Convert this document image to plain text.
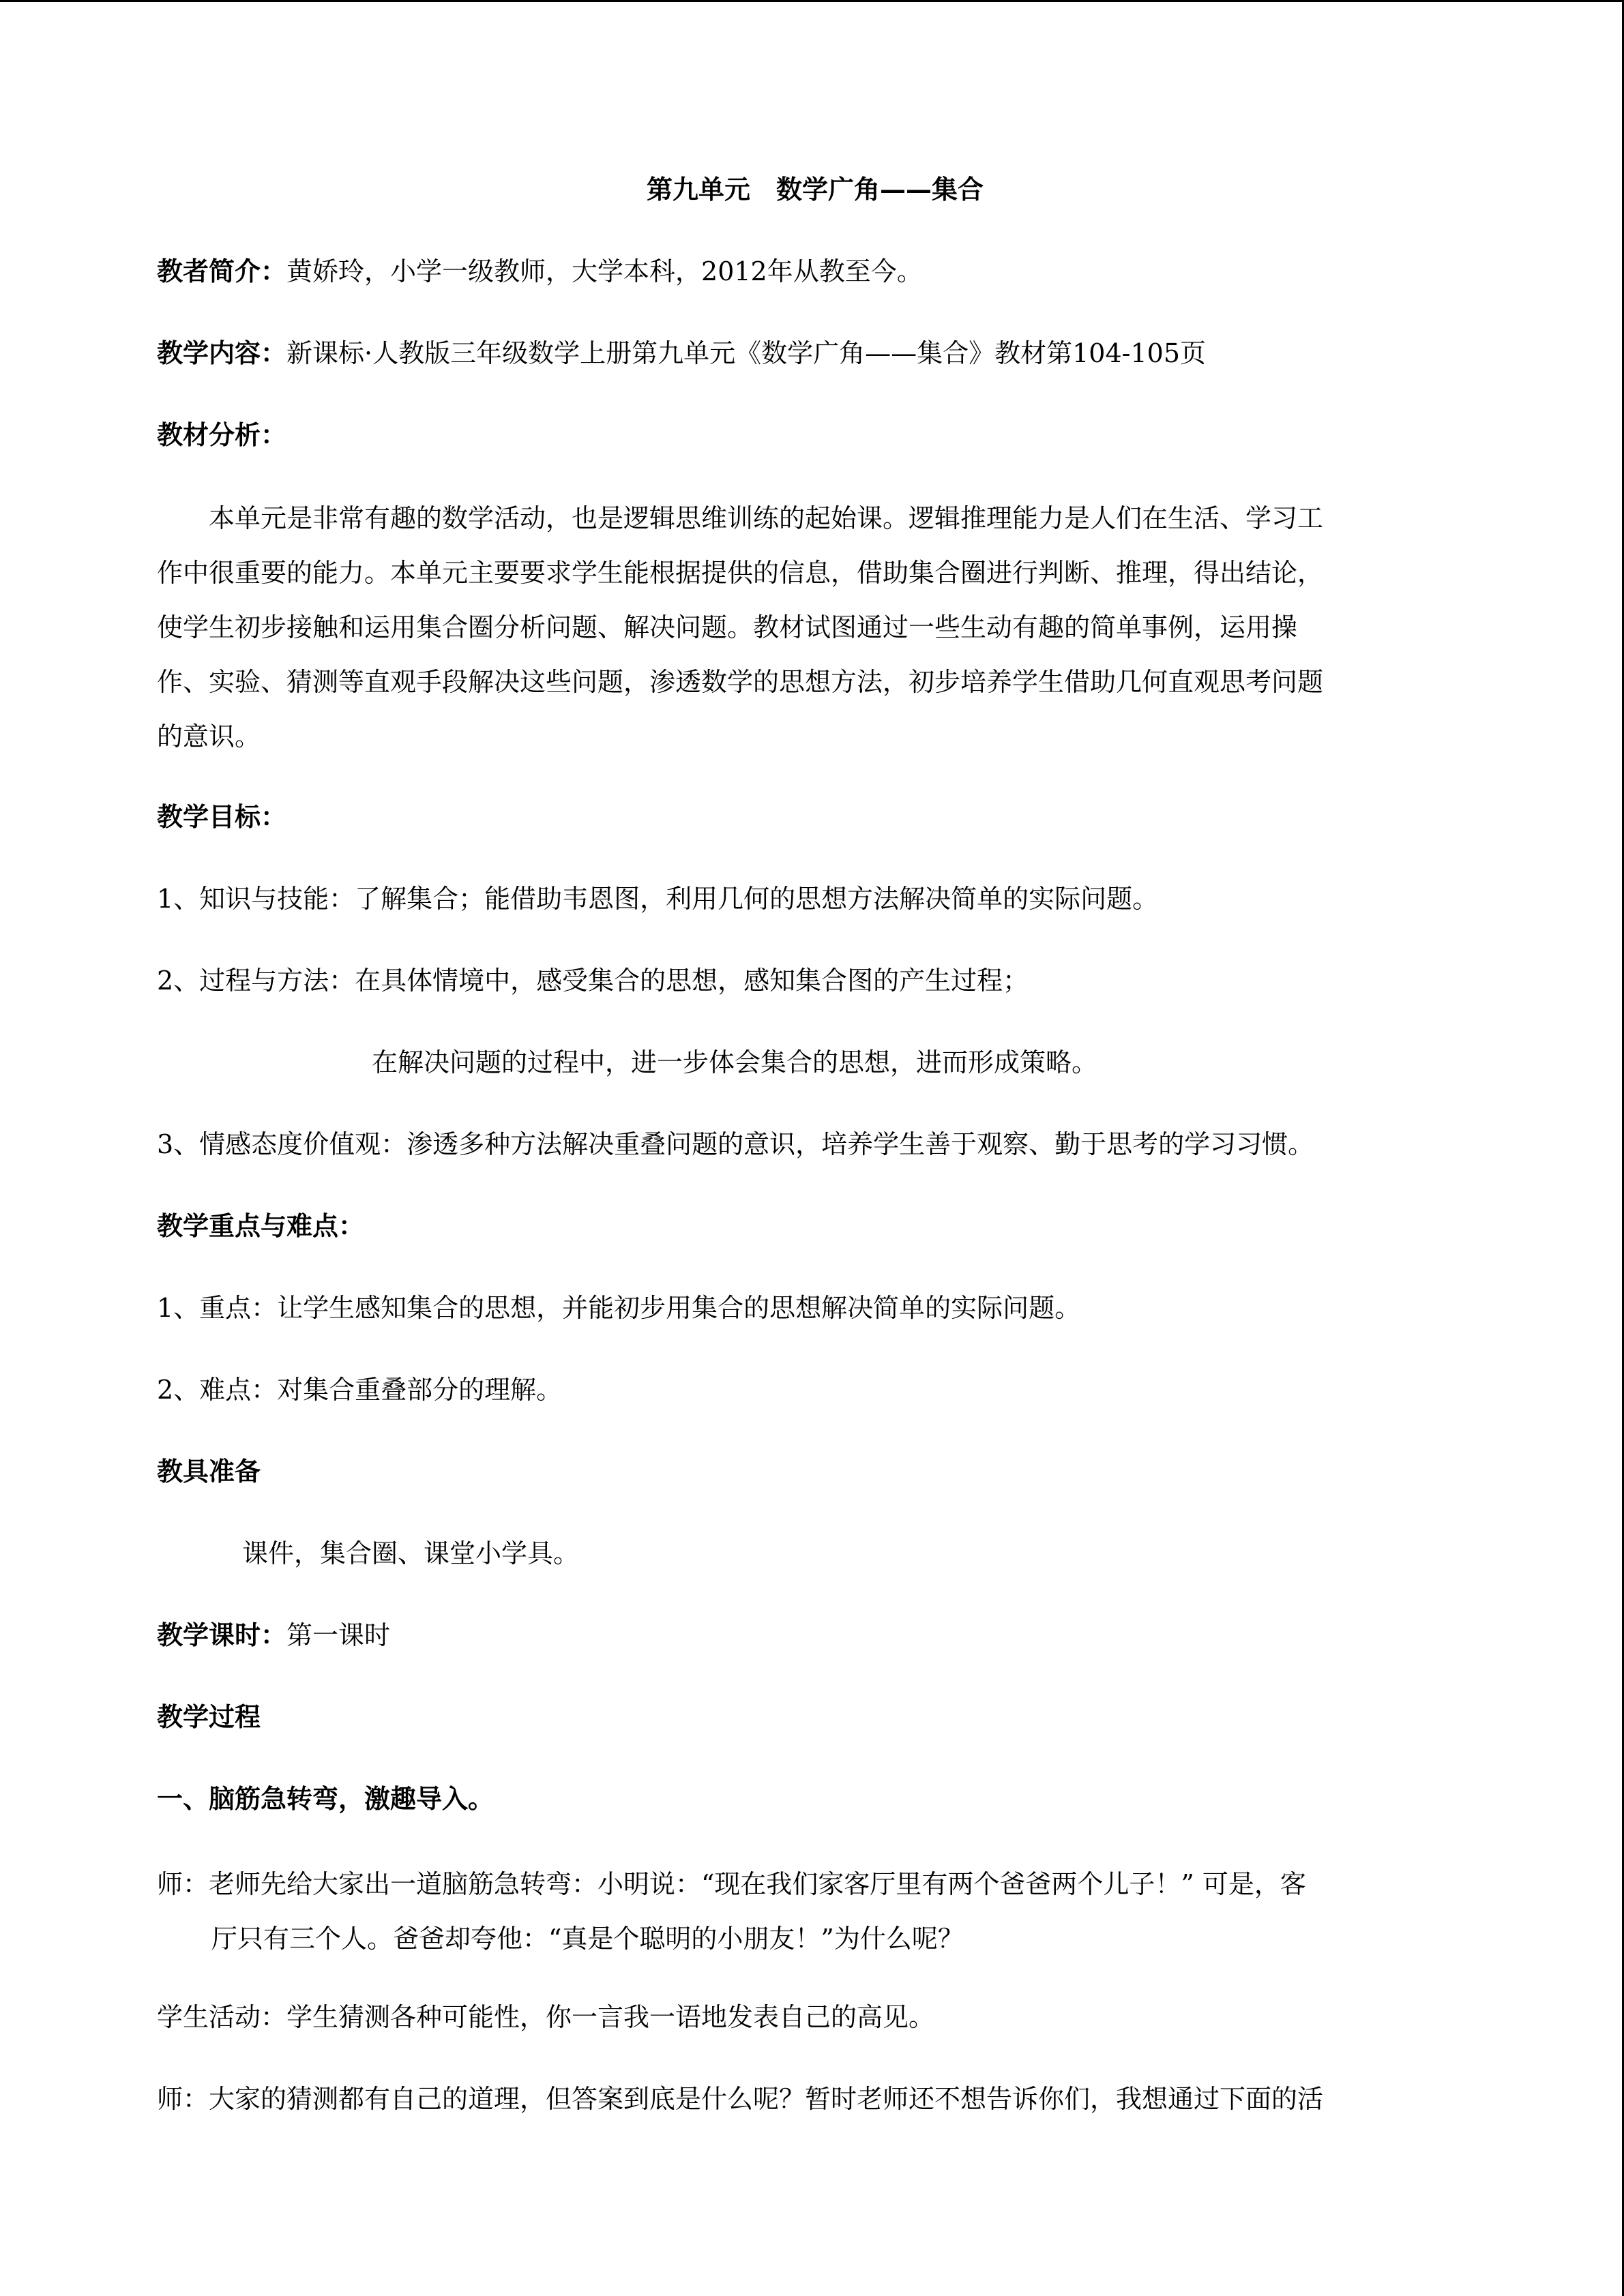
第九单元　数学广角——集合
教者简介：黄娇玲，小学一级教师，大学本科，2012年从教至今。
教学内容：新课标·人教版三年级数学上册第九单元《数学广角——集合》教材第104-105页
教材分析：

　　本单元是非常有趣的数学活动，也是逻辑思维训练的起始课。逻辑推理能力是人们在生活、学习工

作中很重要的能力。本单元主要要求学生能根据提供的信息，借助集合圈进行判断、推理，得出结论，

使学生初步接触和运用集合圈分析问题、解决问题。教材试图通过一些生动有趣的简单事例，运用操

作、实验、猜测等直观手段解决这些问题，渗透数学的思想方法，初步培养学生借助几何直观思考问题

的意识。

教学目标：
1、知识与技能：了解集合；能借助韦恩图，利用几何的思想方法解决简单的实际问题。
2、过程与方法：在具体情境中，感受集合的思想，感知集合图的产生过程；
在解决问题的过程中，进一步体会集合的思想，进而形成策略。
3、情感态度价值观：渗透多种方法解决重叠问题的意识，培养学生善于观察、勤于思考的学习习惯。
教学重点与难点：
1、重点：让学生感知集合的思想，并能初步用集合的思想解决简单的实际问题。
2、难点：对集合重叠部分的理解。
教具准备
课件，集合圈、课堂小学具。
教学课时：第一课时
教学过程
一、脑筋急转弯，激趣导入。
师：老师先给大家出一道脑筋急转弯：小明说：“现在我们家客厅里有两个爸爸两个儿子！” 可是，客
厅只有三个人。爸爸却夸他：“真是个聪明的小朋友！”为什么呢？
学生活动：学生猜测各种可能性，你一言我一语地发表自己的高见。
师：大家的猜测都有自己的道理，但答案到底是什么呢？暂时老师还不想告诉你们，我想通过下面的活
